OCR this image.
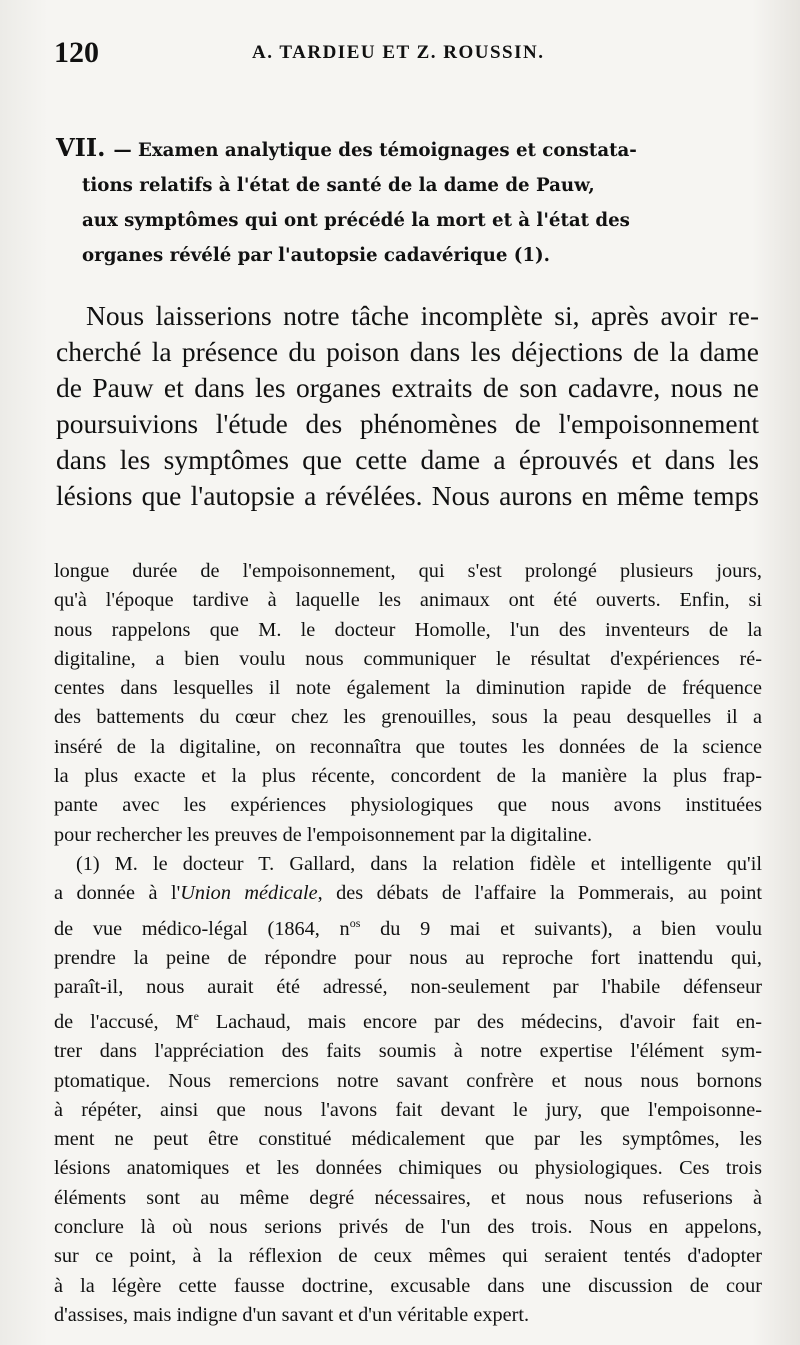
120	A. TARDIEU ET Z. ROUSSIN.
VII. — Examen analytique des témoignages et constata-
tions relatifs à l'état de santé de la dame de Pauw,
aux symptômes qui ont précédé la mort et à l'état des
organes révélé par l'autopsie cadavérique (1).
Nous laisserions notre tâche incomplète si, après avoir re-
cherché la présence du poison dans les déjections de la dame
de Pauw et dans les organes extraits de son cadavre, nous ne
poursuivions l'étude des phénomènes de l'empoisonnement
dans les symptômes que cette dame a éprouvés et dans les
lésions que l'autopsie a révélées. Nous aurons en même temps
longue durée de l'empoisonnement, qui s'est prolongé plusieurs jours,
qu'à l'époque tardive à laquelle les animaux ont été ouverts. Enfin, si
nous rappelons que M. le docteur Homolle, l'un des inventeurs de la
digitaline, a bien voulu nous communiquer le résultat d'expériences ré-
centes dans lesquelles il note également la diminution rapide de fréquence
des battements du cœur chez les grenouilles, sous la peau desquelles il a
inséré de la digitaline, on reconnaîtra que toutes les données de la science
la plus exacte et la plus récente, concordent de la manière la plus frap-
pante avec les expériences physiologiques que nous avons instituées
pour rechercher les preuves de l'empoisonnement par la digitaline.
(1) M. le docteur T. Gallard, dans la relation fidèle et intelligente qu'il
a donnée à l'Union médicale, des débats de l'affaire la Pommerais, au point
de vue médico-légal (1864, $n^{os}$ du 9 mai et suivants), a bien voulu
prendre la peine de répondre pour nous au reproche fort inattendu qui,
paraît-il, nous aurait été adressé, non-seulement par l'habile défenseur
de l'accusé, Me Lachaud, mais encore par des médecins, d'avoir fait en-
trer dans l'appréciation des faits soumis à notre expertise l'élément sym-
ptomatique. Nous remercions notre savant confrère et nous nous bornons
à répéter, ainsi que nous l'avons fait devant le jury, que l'empoisonne-
ment ne peut être constitué médicalement que par les symptômes, les
lésions anatomiques et les données chimiques ou physiologiques. Ces trois
éléments sont au même degré nécessaires, et nous nous refuserions à
conclure là où nous serions privés de l'un des trois. Nous en appelons,
sur ce point, à la réflexion de ceux mêmes qui seraient tentés d'adopter
à la légère cette fausse doctrine, excusable dans une discussion de cour
d'assises, mais indigne d'un savant et d'un véritable expert.
